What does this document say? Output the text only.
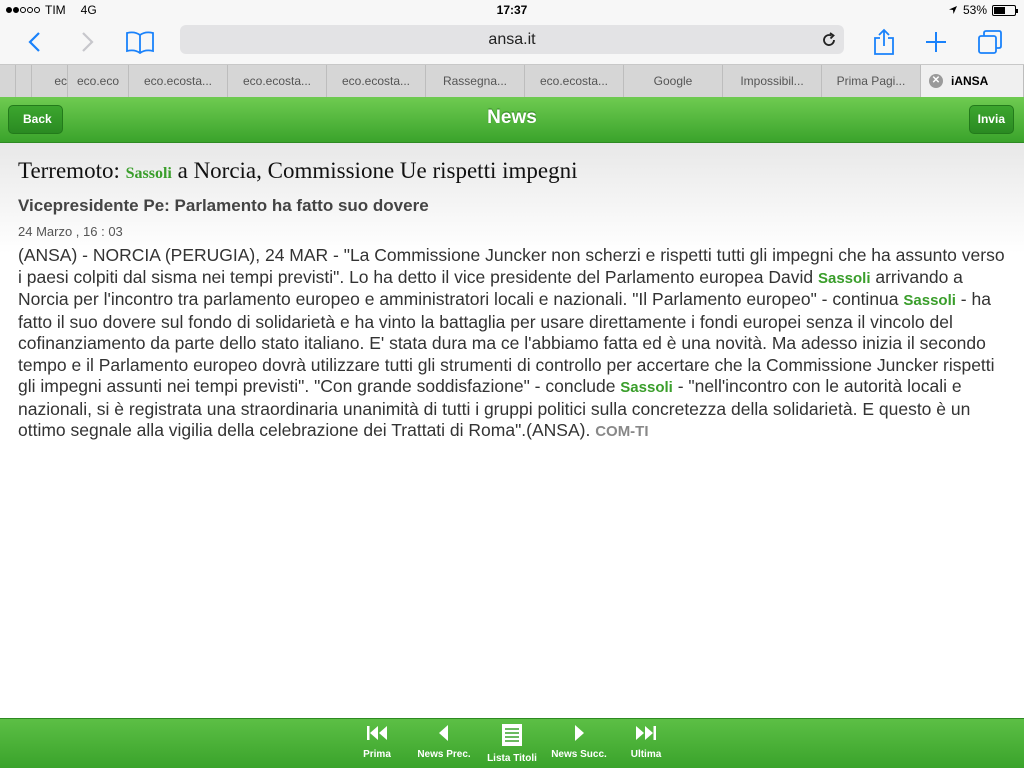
TIM 4G	17:37	53%
ansa.it
ec eco.eco eco.ecosta...	eco.ecosta...	eco.ecosta...	Rassegna...	eco.ecosta...	Google	Impossibil...	Prima Pagi...	✕ iANSA
Back	News	Invia
Terremoto: Sassoli a Norcia, Commissione Ue rispetti impegni
Vicepresidente Pe: Parlamento ha fatto suo dovere
24 Marzo , 16 : 03
(ANSA) - NORCIA (PERUGIA), 24 MAR - "La Commissione Juncker non scherzi e rispetti tutti gli impegni che ha assunto verso i paesi colpiti dal sisma nei tempi previsti". Lo ha detto il vice presidente del Parlamento europea David Sassoli arrivando a Norcia per l'incontro tra parlamento europeo e amministratori locali e nazionali. "Il Parlamento europeo" - continua Sassoli - ha fatto il suo dovere sul fondo di solidarietà e ha vinto la battaglia per usare direttamente i fondi europei senza il vincolo del cofinanziamento da parte dello stato italiano. E' stata dura ma ce l'abbiamo fatta ed è una novità. Ma adesso inizia il secondo tempo e il Parlamento europeo dovrà utilizzare tutti gli strumenti di controllo per accertare che la Commissione Juncker rispetti gli impegni assunti nei tempi previsti". "Con grande soddisfazione" - conclude Sassoli - "nell'incontro con le autorità locali e nazionali, si è registrata una straordinaria unanimità di tutti i gruppi politici sulla concretezza della solidarietà. E questo è un ottimo segnale alla vigilia della celebrazione dei Trattati di Roma".(ANSA). COM-TI
Prima	News Prec.	Lista Titoli	News Succ.	Ultima
